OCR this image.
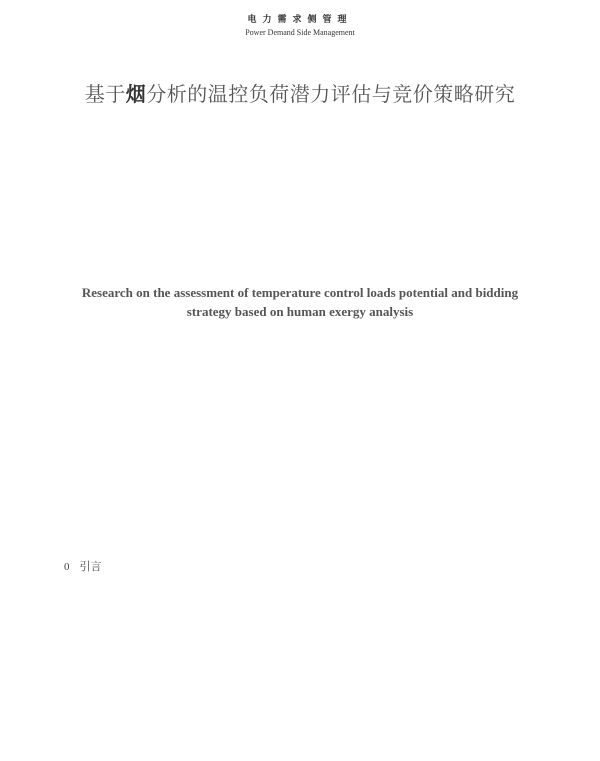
电力需求侧管理
Power Demand Side Management
基于烟分析的温控负荷潜力评估与竞价策略研究
Research on the assessment of temperature control loads potential and bidding
strategy based on human exergy analysis
0 引言
